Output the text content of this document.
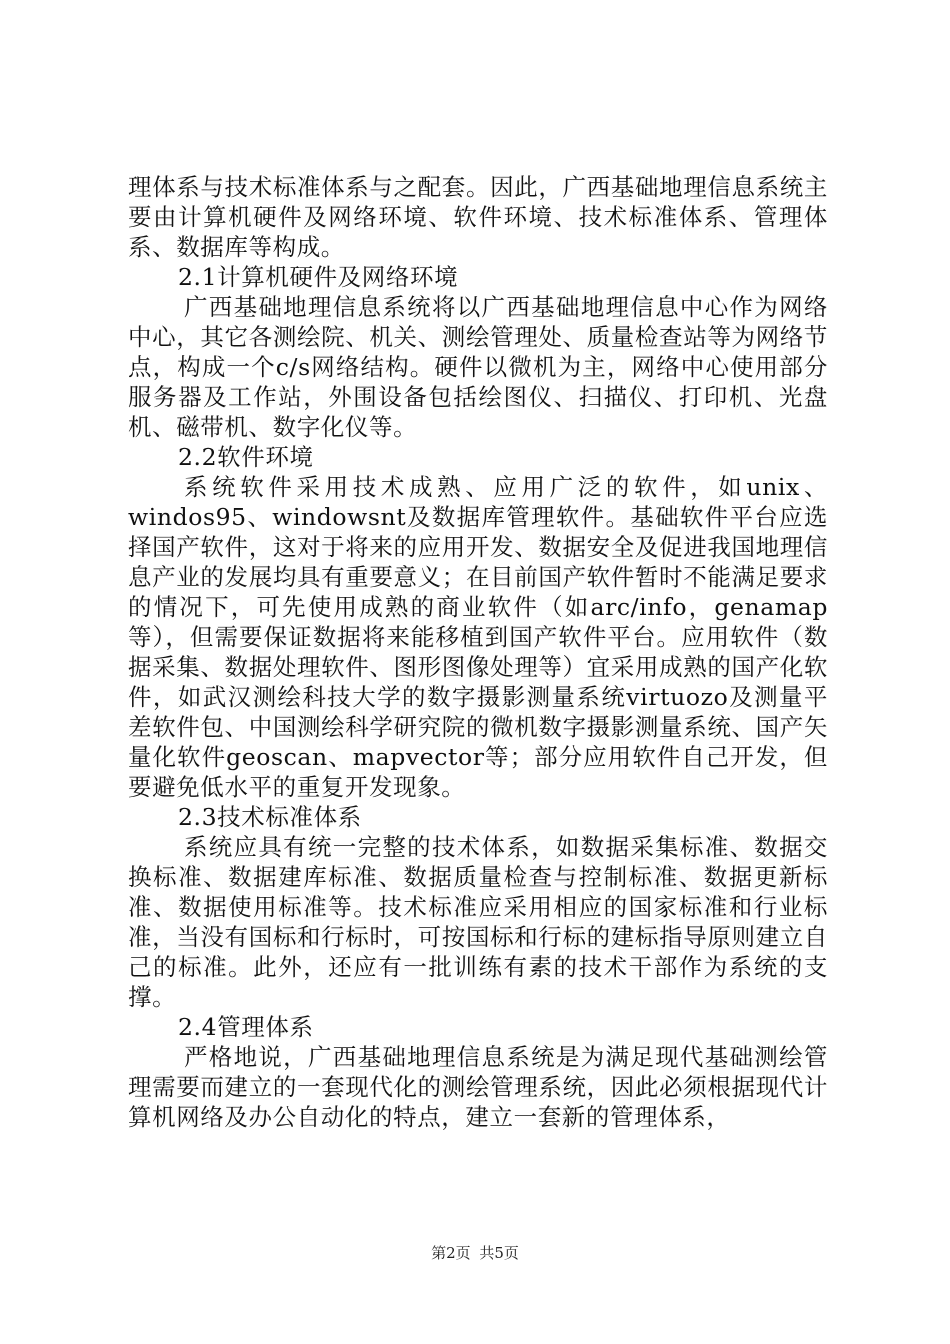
理体系与技术标准体系与之配套。因此，广西基础地理信息系统主要由计算机硬件及网络环境、软件环境、技术标准体系、管理体系、数据库等构成。

2.1计算机硬件及网络环境

广西基础地理信息系统将以广西基础地理信息中心作为网络中心，其它各测绘院、机关、测绘管理处、质量检查站等为网络节点，构成一个c/s网络结构。硬件以微机为主，网络中心使用部分服务器及工作站，外围设备包括绘图仪、扫描仪、打印机、光盘机、磁带机、数字化仪等。

2.2软件环境

系统软件采用技术成熟、应用广泛的软件，如unix、windos95、windowsnt及数据库管理软件。基础软件平台应选择国产软件，这对于将来的应用开发、数据安全及促进我国地理信息产业的发展均具有重要意义；在目前国产软件暂时不能满足要求的情况下，可先使用成熟的商业软件（如arc/info，genamap等），但需要保证数据将来能移植到国产软件平台。应用软件（数据采集、数据处理软件、图形图像处理等）宜采用成熟的国产化软件，如武汉测绘科技大学的数字摄影测量系统virtuozo及测量平差软件包、中国测绘科学研究院的微机数字摄影测量系统、国产矢量化软件geoscan、mapvector等；部分应用软件自己开发，但要避免低水平的重复开发现象。

2.3技术标准体系

系统应具有统一完整的技术体系，如数据采集标准、数据交换标准、数据建库标准、数据质量检查与控制标准、数据更新标准、数据使用标准等。技术标准应采用相应的国家标准和行业标准，当没有国标和行标时，可按国标和行标的建标指导原则建立自己的标准。此外，还应有一批训练有素的技术干部作为系统的支撑。

2.4管理体系

严格地说，广西基础地理信息系统是为满足现代基础测绘管理需要而建立的一套现代化的测绘管理系统，因此必须根据现代计算机网络及办公自动化的特点，建立一套新的管理体系，

第2页 共5页
